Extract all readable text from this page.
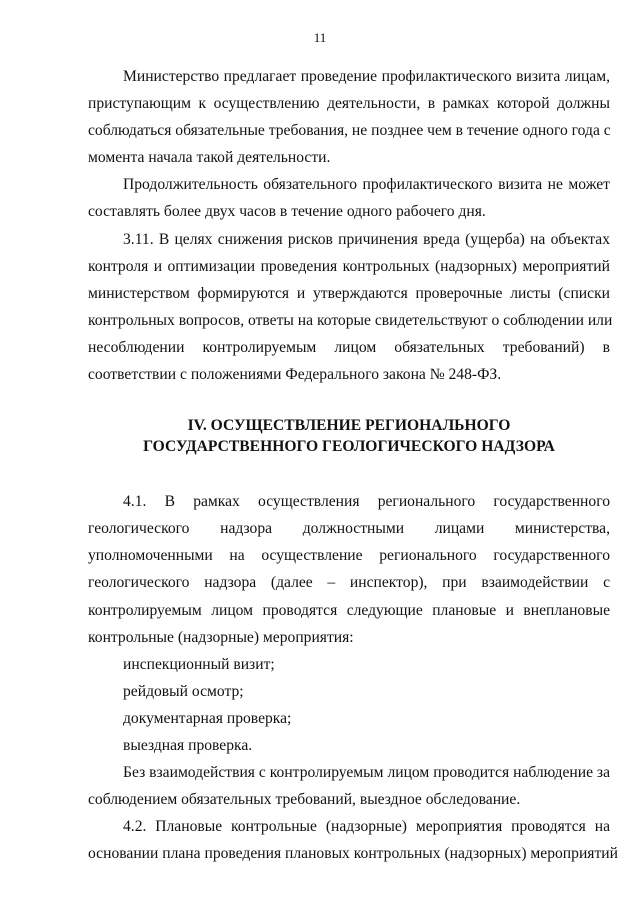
11

Министерство предлагает проведение профилактического визита лицам,
приступающим к осуществлению деятельности, в рамках которой должны
соблюдаться обязательные требования, не позднее чем в течение одного года с
момента начала такой деятельности.

Продолжительность обязательного профилактического визита не может
составлять более двух часов в течение одного рабочего дня.

3.11. В целях снижения рисков причинения вреда (ущерба) на объектах
контроля и оптимизации проведения контрольных (надзорных) мероприятий
министерством формируются и утверждаются проверочные листы (списки
контрольных вопросов, ответы на которые свидетельствуют о соблюдении или
несоблюдении контролируемым лицом обязательных требований) в
соответствии с положениями Федерального закона № 248-ФЗ.

IV. ОСУЩЕСТВЛЕНИЕ РЕГИОНАЛЬНОГО
ГОСУДАРСТВЕННОГО ГЕОЛОГИЧЕСКОГО НАДЗОРА

4.1. В рамках осуществления регионального государственного
геологического надзора должностными лицами министерства,
уполномоченными на осуществление регионального государственного
геологического надзора (далее – инспектор), при взаимодействии с
контролируемым лицом проводятся следующие плановые и внеплановые
контрольные (надзорные) мероприятия:

инспекционный визит;

рейдовый осмотр;

документарная проверка;

выездная проверка.

Без взаимодействия с контролируемым лицом проводится наблюдение за
соблюдением обязательных требований, выездное обследование.

4.2. Плановые контрольные (надзорные) мероприятия проводятся на
основании плана проведения плановых контрольных (надзорных) мероприятий
